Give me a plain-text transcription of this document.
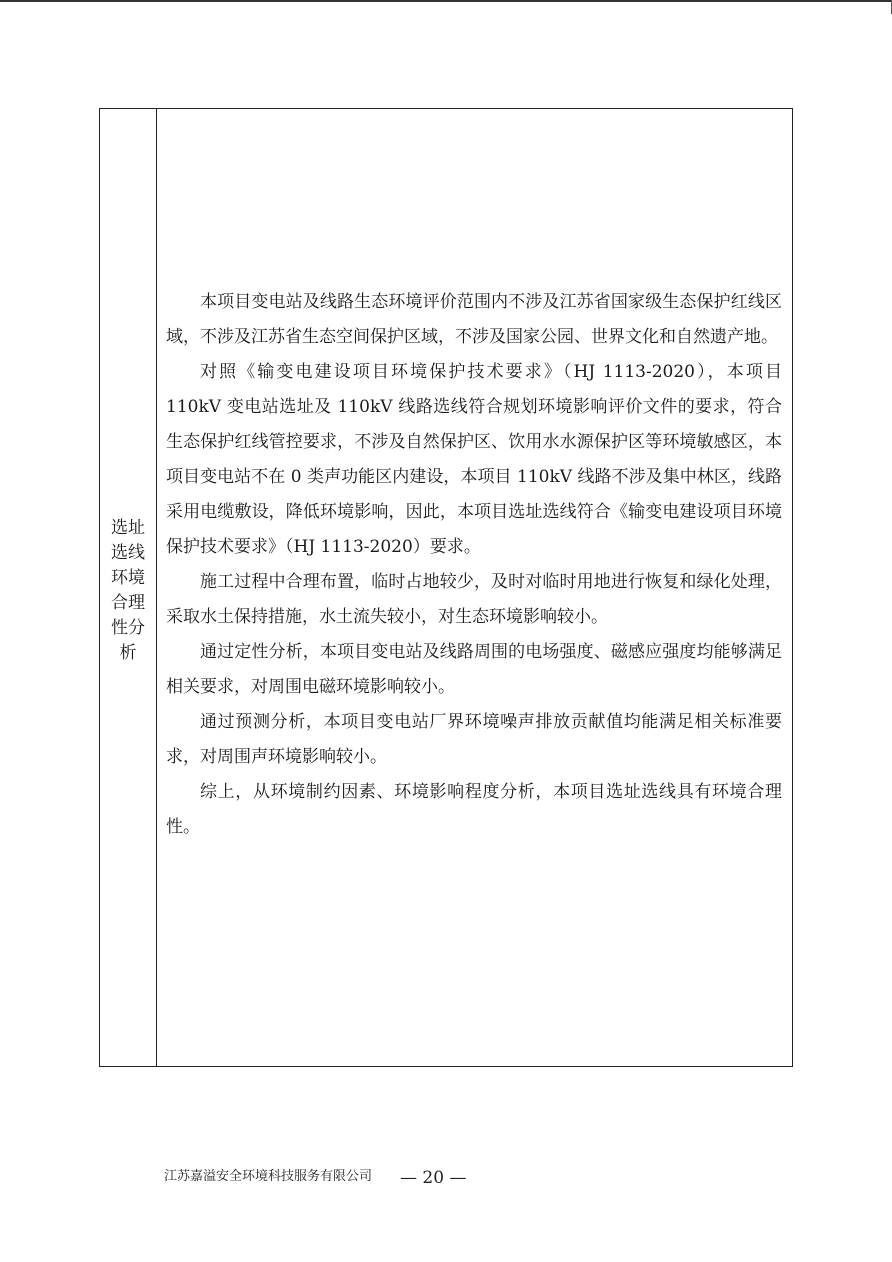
选址选线环境合理性分析

本项目变电站及线路生态环境评价范围内不涉及江苏省国家级生态保护红线区域，不涉及江苏省生态空间保护区域，不涉及国家公园、世界文化和自然遗产地。

对照《输变电建设项目环境保护技术要求》（HJ 1113-2020），本项目 110kV 变电站选址及 110kV 线路选线符合规划环境影响评价文件的要求，符合生态保护红线管控要求，不涉及自然保护区、饮用水水源保护区等环境敏感区，本项目变电站不在 0 类声功能区内建设，本项目 110kV 线路不涉及集中林区，线路采用电缆敷设，降低环境影响，因此，本项目选址选线符合《输变电建设项目环境保护技术要求》（HJ 1113-2020）要求。

施工过程中合理布置，临时占地较少，及时对临时用地进行恢复和绿化处理，采取水土保持措施，水土流失较小，对生态环境影响较小。

通过定性分析，本项目变电站及线路周围的电场强度、磁感应强度均能够满足相关要求，对周围电磁环境影响较小。

通过预测分析，本项目变电站厂界环境噪声排放贡献值均能满足相关标准要求，对周围声环境影响较小。

综上，从环境制约因素、环境影响程度分析，本项目选址选线具有环境合理性。

江苏嘉溢安全环境科技服务有限公司 — 20 —
